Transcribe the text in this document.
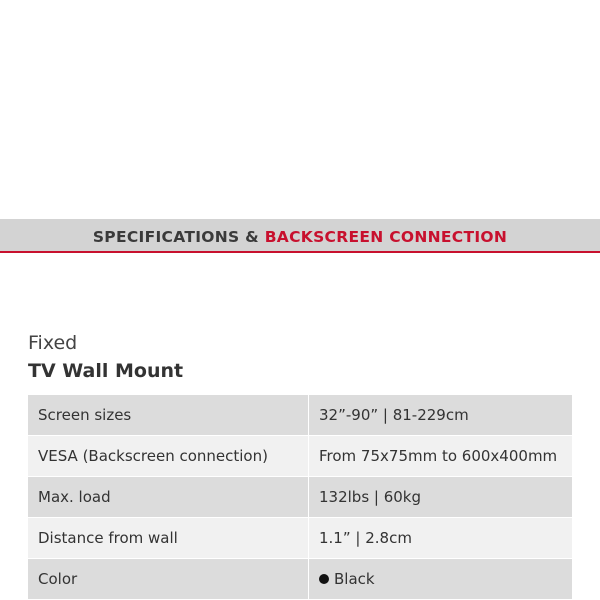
SPECIFICATIONS & BACKSCREEN CONNECTION
Fixed
TV Wall Mount
Screen sizes	32”-90” | 81-229cm
VESA (Backscreen connection)	From 75x75mm to 600x400mm
Max. load	132lbs | 60kg
Distance from wall	1.1” | 2.8cm
Color	Black
